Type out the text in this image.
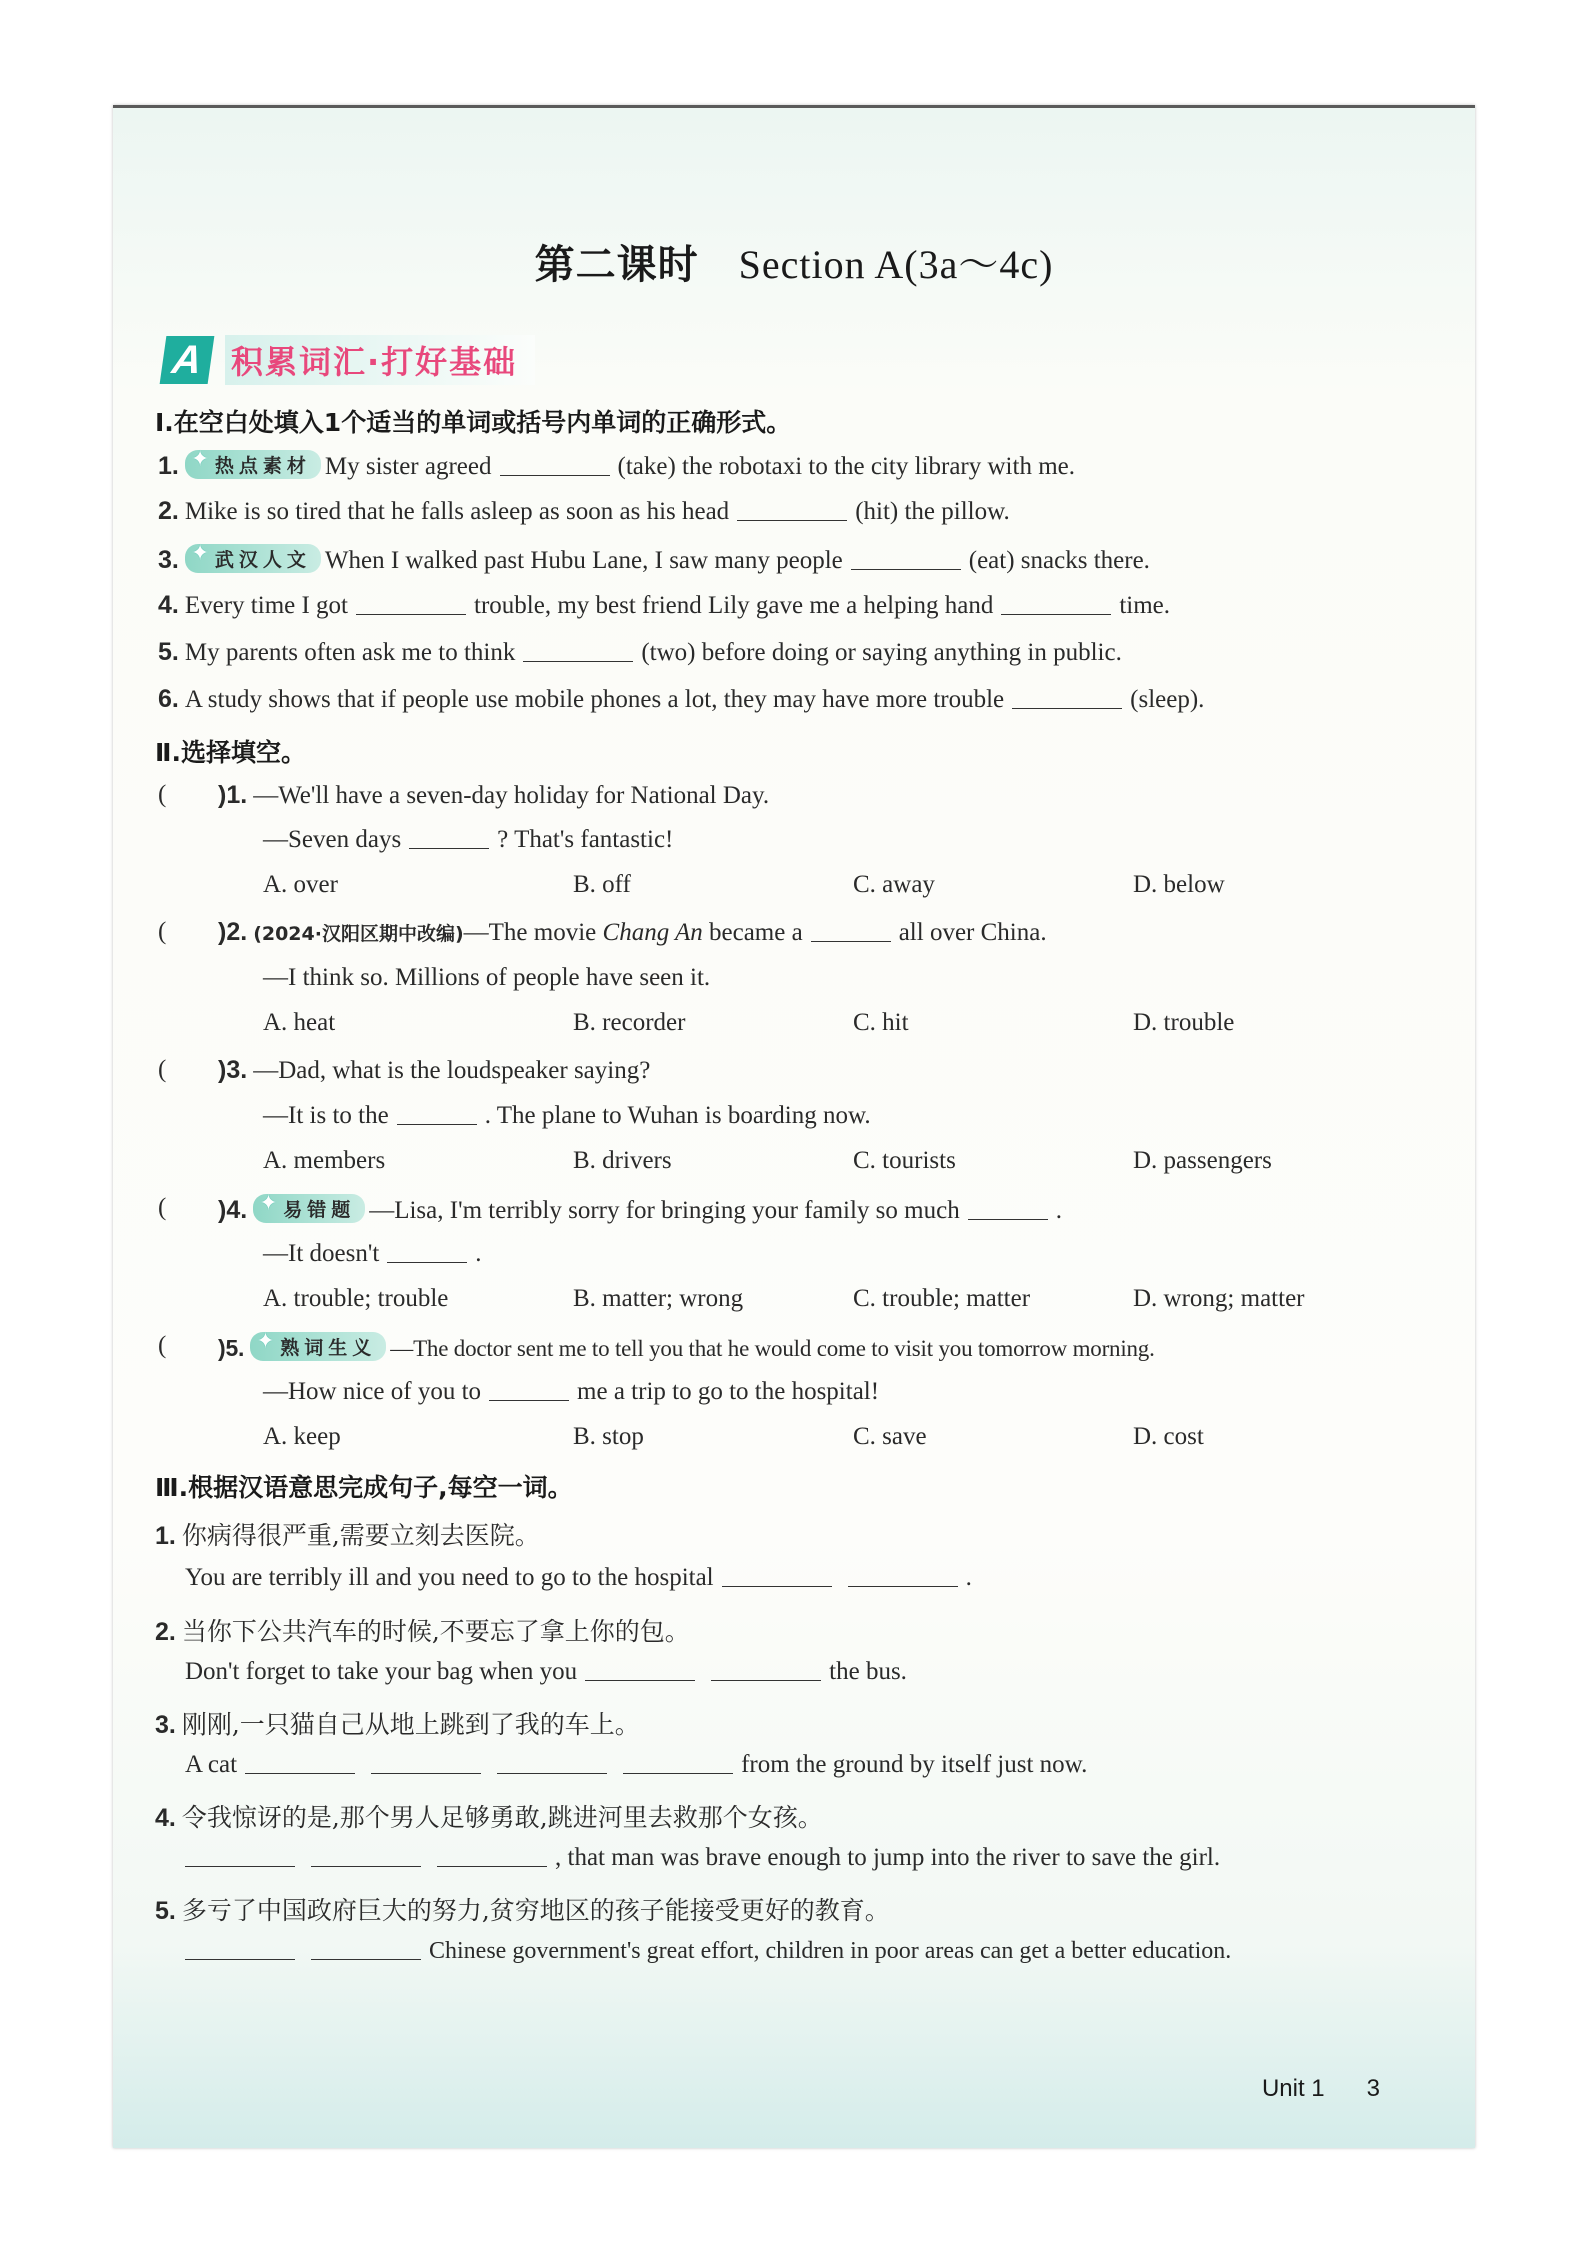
第二课时 Section A(3a～4c)
A 积累词汇·打好基础
Ⅰ.在空白处填入1个适当的单词或括号内单词的正确形式。
1. ✦ 热点素材 My sister agreed	(take) the robotaxi to the city library with me.
2. Mike is so tired that he falls asleep as soon as his head	(hit) the pillow.
3. ✦ 武汉人文 When I walked past Hubu Lane, I saw many people	(eat) snacks there.
4. Every time I got	trouble, my best friend Lily gave me a helping hand	time.
5. My parents often ask me to think	(two) before doing or saying anything in public.
6. A study shows that if people use mobile phones a lot, they may have more trouble	(sleep).
Ⅱ.选择填空。
( )1. —We'll have a seven-day holiday for National Day.
—Seven days	? That's fantastic!
A. over	B. off	C. away	D. below
( )2. (2024·汉阳区期中改编)—The movie Chang An became a	all over China.
—I think so. Millions of people have seen it.
A. heat	B. recorder	C. hit	D. trouble
( )3. —Dad, what is the loudspeaker saying?
—It is to the	. The plane to Wuhan is boarding now.
A. members	B. drivers	C. tourists	D. passengers
( )4. ✦ 易错题 —Lisa, I'm terribly sorry for bringing your family so much	.
—It doesn't	.
A. trouble; trouble	B. matter; wrong	C. trouble; matter	D. wrong; matter
( )5. ✦ 熟词生义 —The doctor sent me to tell you that he would come to visit you tomorrow morning.
—How nice of you to	me a trip to go to the hospital!
A. keep	B. stop	C. save	D. cost
Ⅲ.根据汉语意思完成句子,每空一词。
1. 你病得很严重,需要立刻去医院。
You are terribly ill and you need to go to the hospital	.
2. 当你下公共汽车的时候,不要忘了拿上你的包。
Don't forget to take your bag when you	the bus.
3. 刚刚,一只猫自己从地上跳到了我的车上。
A cat	from the ground by itself just now.
4. 令我惊讶的是,那个男人足够勇敢,跳进河里去救那个女孩。
, that man was brave enough to jump into the river to save the girl.
5. 多亏了中国政府巨大的努力,贫穷地区的孩子能接受更好的教育。
Chinese government's great effort, children in poor areas can get a better education.
Unit 1 3
